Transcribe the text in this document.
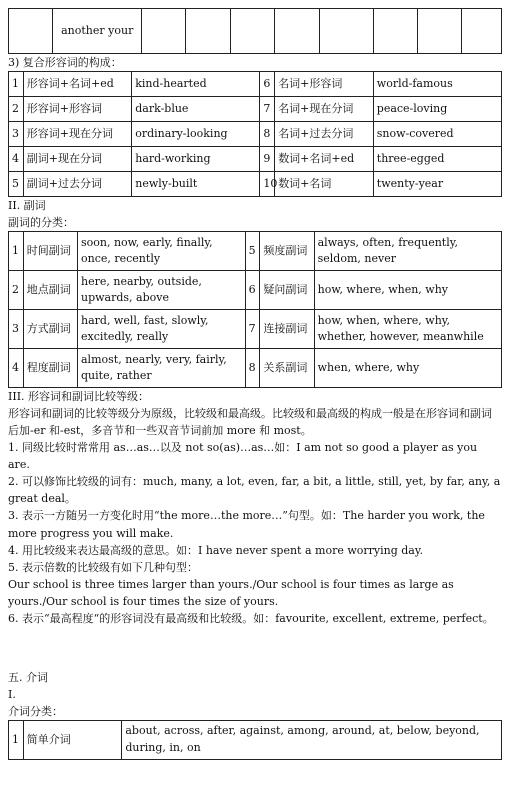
	another your								

3) 复合形容词的构成：

1	形容词+名词+ed	kind-hearted	6	名词+形容词	world-famous
2	形容词+形容词	dark-blue	7	名词+现在分词	peace-loving
3	形容词+现在分词	ordinary-looking	8	名词+过去分词	snow-covered
4	副词+现在分词	hard-working	9	数词+名词+ed	three-egged
5	副词+过去分词	newly-built	10	数词+名词	twenty-year

II. 副词

副词的分类：

1	时间副词	soon, now, early, finally, once, recently	5	频度副词	always, often, frequently, seldom, never
2	地点副词	here, nearby, outside, upwards, above	6	疑问副词	how, where, when, why
3	方式副词	hard, well, fast, slowly, excitedly, really	7	连接副词	how, when, where, why, whether, however, meanwhile
4	程度副词	almost, nearly, very, fairly, quite, rather	8	关系副词	when, where, why

III. 形容词和副词比较等级：

形容词和副词的比较等级分为原级，比较级和最高级。比较级和最高级的构成一般是在形容词和副词后加-er 和-est，多音节和一些双音节词前加 more 和 most。

1. 同级比较时常常用 as…as…以及 not so(as)…as…如：I am not so good a player as you are.

2. 可以修饰比较级的词有：much, many, a lot, even, far, a bit, a little, still, yet, by far, any, a great deal。

3. 表示一方随另一方变化时用“the more…the more…”句型。如：The harder you work, the more progress you will make.

4. 用比较级来表达最高级的意思。如：I have never spent a more worrying day.

5. 表示倍数的比较级有如下几种句型：

Our school is three times larger than yours./Our school is four times as large as yours./Our school is four times the size of yours.

6. 表示“最高程度“的形容词没有最高级和比较级。如：favourite, excellent, extreme, perfect。

五. 介词

I.

介词分类：

1	简单介词	about, across, after, against, among, around, at, below, beyond, during, in, on
